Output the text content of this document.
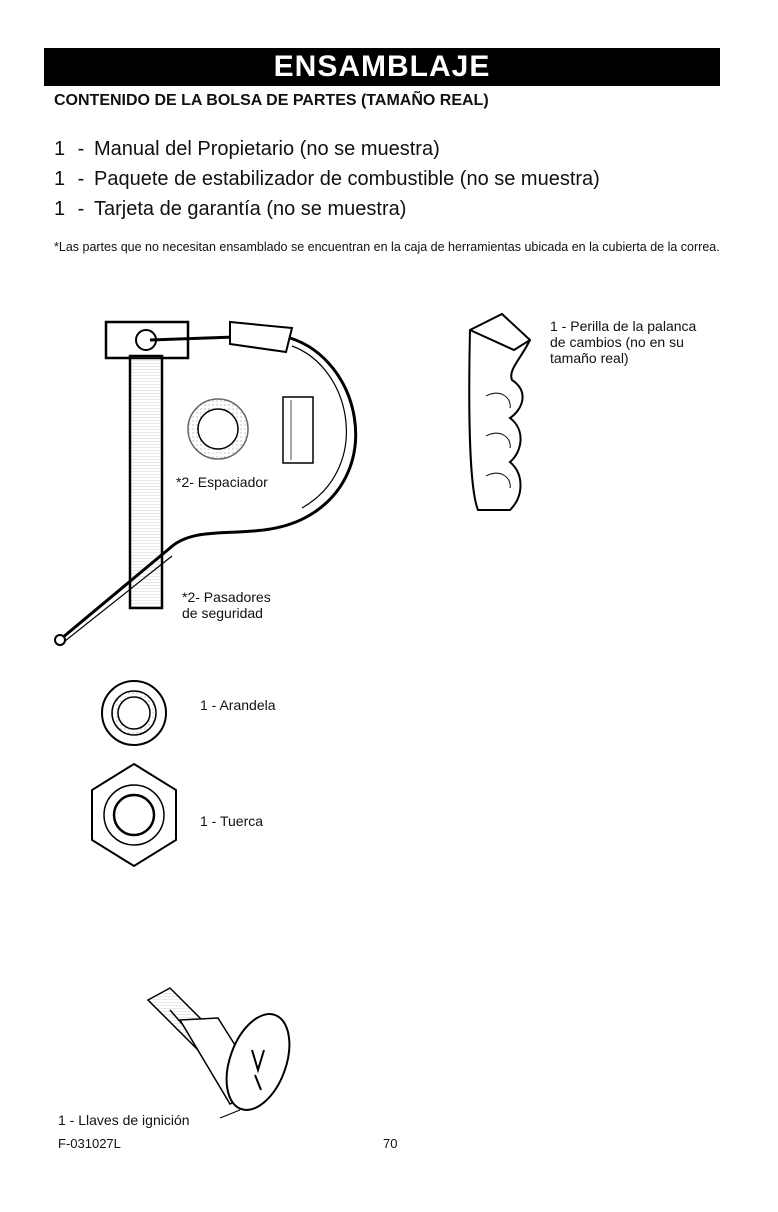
ENSAMBLAJE
CONTENIDO DE LA BOLSA DE PARTES (TAMAÑO REAL)
1 - Manual del Propietario (no se muestra)
1 - Paquete de estabilizador de combustible (no se muestra)
1 - Tarjeta de garantía (no se muestra)
*Las partes que no necesitan ensamblado se encuentran en la caja de herramientas ubicada en la cubierta de la correa.
1 - Perilla de la palanca
de cambios (no en su
tamaño real)
*2- Espaciador
*2- Pasadores
de seguridad
1 - Arandela
1 - Tuerca
1 - Llaves de ignición
F-031027L	70
